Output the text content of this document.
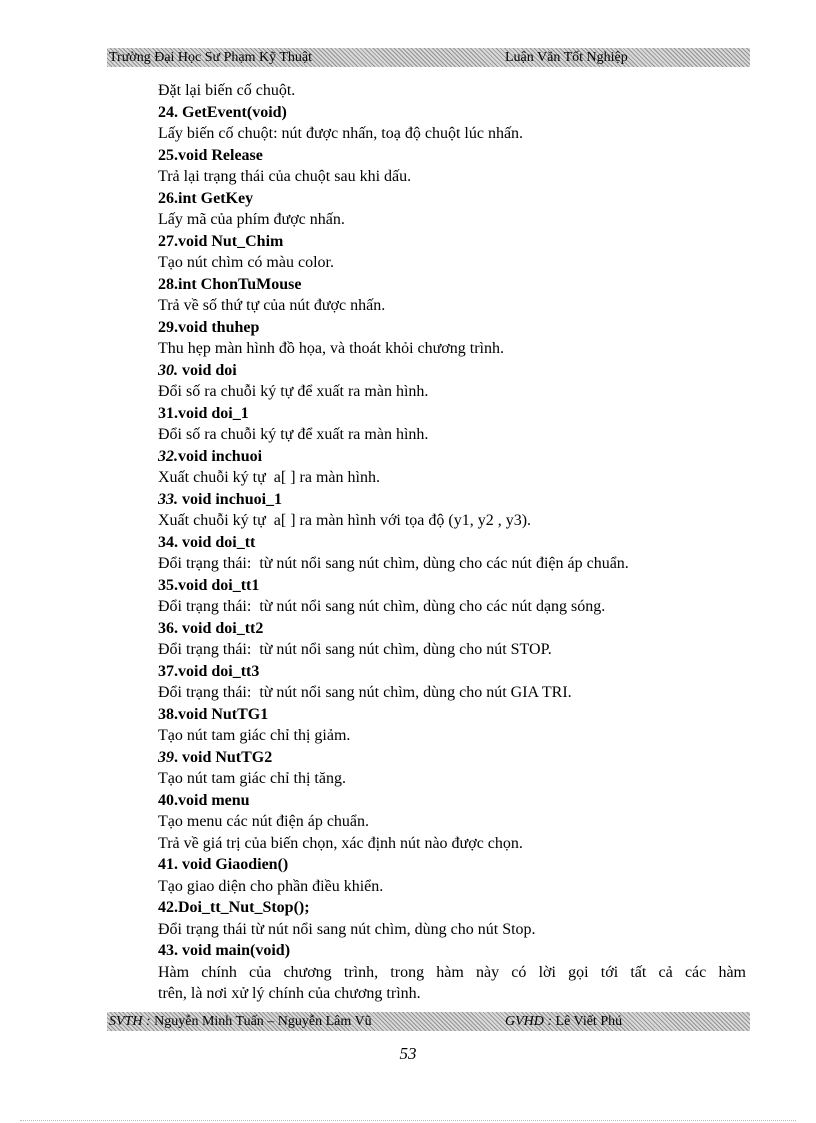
Trường Đại Học Sư Phạm Kỹ Thuật	Luận Văn Tốt Nghiệp
Đặt lại biến cố chuột.
24. GetEvent(void)
Lấy biến cố chuột: nút được nhấn, toạ độ chuột lúc nhấn.
25.void Release
Trả lại trạng thái của chuột sau khi dấu.
26.int GetKey
Lấy mã của phím được nhấn.
27.void Nut_Chim
Tạo nút chìm có màu color.
28.int ChonTuMouse
Trả về số thứ tự của nút được nhấn.
29.void thuhep
Thu hẹp màn hình đồ họa, và thoát khỏi chương trình.
30. void doi
Đổi số ra chuỗi ký tự để xuất ra màn hình.
31.void doi_1
Đổi số ra chuỗi ký tự để xuất ra màn hình.
32.void inchuoi
Xuất chuỗi ký tự  a[ ] ra màn hình.
33. void inchuoi_1
Xuất chuỗi ký tự  a[ ] ra màn hình với tọa độ (y1, y2 , y3).
34. void doi_tt
Đổi trạng thái:  từ nút nổi sang nút chìm, dùng cho các nút điện áp chuẩn.
35.void doi_tt1
Đổi trạng thái:  từ nút nổi sang nút chìm, dùng cho các nút dạng sóng.
36. void doi_tt2
Đổi trạng thái:  từ nút nổi sang nút chìm, dùng cho nút STOP.
37.void doi_tt3
Đổi trạng thái:  từ nút nổi sang nút chìm, dùng cho nút GIA TRI.
38.void NutTG1
Tạo nút tam giác chỉ thị giảm.
39. void NutTG2
Tạo nút tam giác chỉ thị tăng.
40.void menu
Tạo menu các nút điện áp chuẩn.
Trả về giá trị của biến chọn, xác định nút nào được chọn.
41. void Giaodien()
Tạo giao diện cho phần điều khiển.
42.Doi_tt_Nut_Stop();
Đổi trạng thái từ nút nổi sang nút chìm, dùng cho nút Stop.
43. void main(void)
Hàm chính của chương trình, trong hàm này có lời gọi tới tất cả các hàm
trên, là nơi xử lý chính của chương trình.
SVTH : Nguyễn Minh Tuấn – Nguyễn Lâm Vũ	GVHD : Lê Viết Phú
53
